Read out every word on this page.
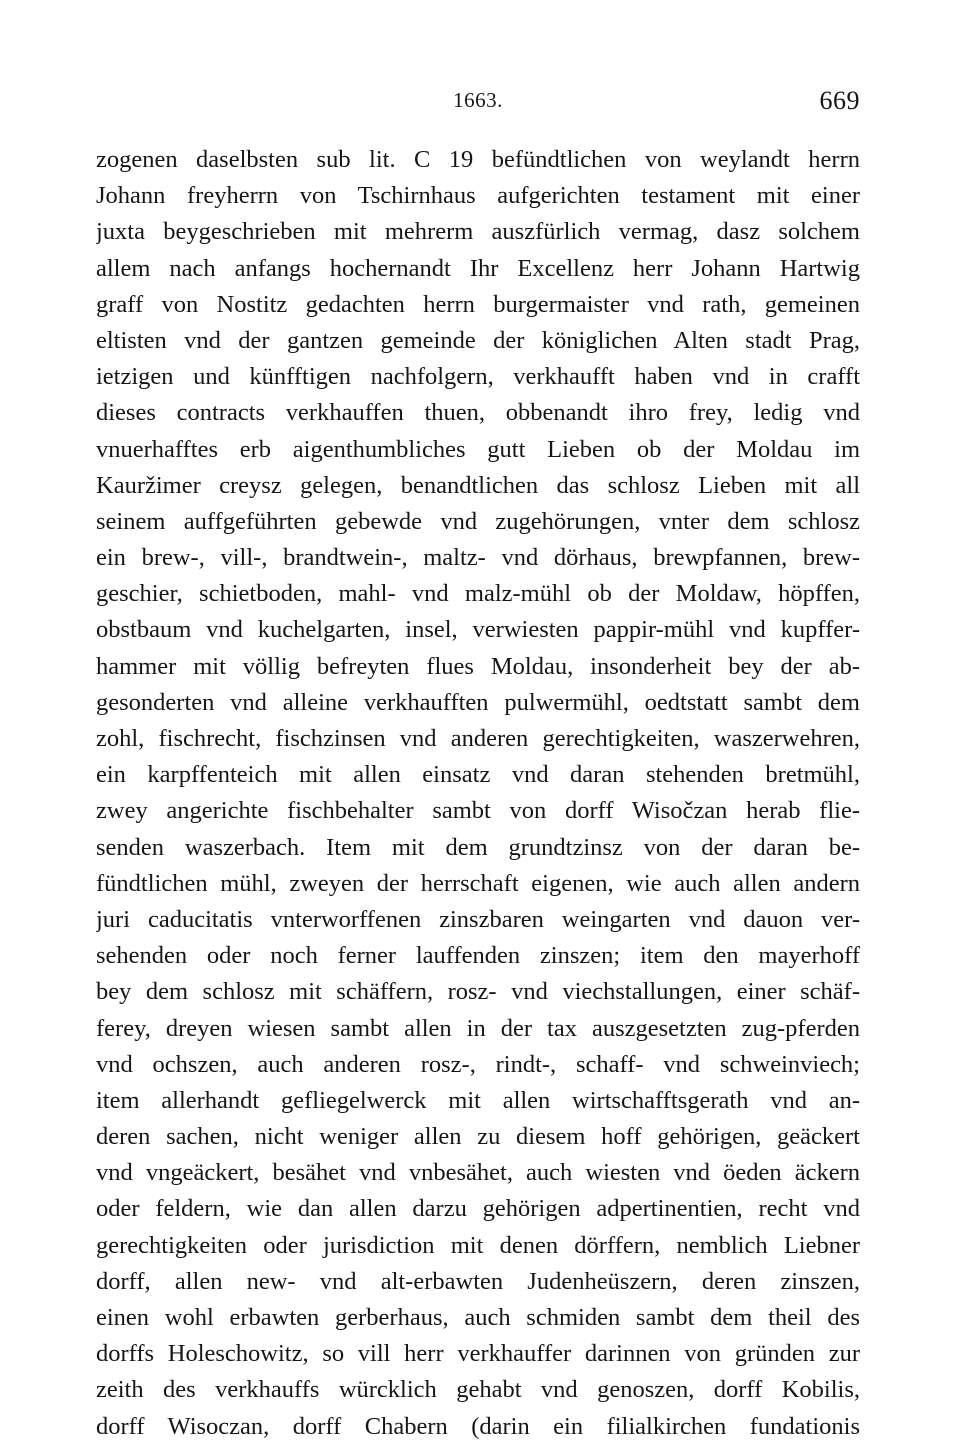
1663.	669
zogenen daselbsten sub lit. C 19 befündtlichen von weylandt herrn
Johann freyherrn von Tschirnhaus aufgerichten testament mit einer
juxta beygeschrieben mit mehrerm auszfürlich vermag, dasz solchem
allem nach anfangs hochernandt Ihr Excellenz herr Johann Hartwig
graff von Nostitz gedachten herrn burgermaister vnd rath, gemeinen
eltisten vnd der gantzen gemeinde der königlichen Alten stadt Prag,
ietzigen und künfftigen nachfolgern, verkhaufft haben vnd in crafft
dieses contracts verkhauffen thuen, obbenandt ihro frey, ledig vnd
vnuerhafftes erb aigenthumbliches gutt Lieben ob der Moldau im
Kauržimer creysz gelegen, benandtlichen das schlosz Lieben mit all
seinem auffgeführten gebewde vnd zugehörungen, vnter dem schlosz
ein brew-, vill-, brandtwein-, maltz- vnd dörhaus, brewpfannen, brew-
geschier, schietboden, mahl- vnd malz-mühl ob der Moldaw, höpffen,
obstbaum vnd kuchelgarten, insel, verwiesten pappir-mühl vnd kupffer-
hammer mit völlig befreyten flues Moldau, insonderheit bey der ab-
gesonderten vnd alleine verkhaufften pulwermühl, oedtstatt sambt dem
zohl, fischrecht, fischzinsen vnd anderen gerechtigkeiten, waszerwehren,
ein karpffenteich mit allen einsatz vnd daran stehenden bretmühl,
zwey angerichte fischbehalter sambt von dorff Wisočzan herab flie-
senden waszerbach. Item mit dem grundtzinsz von der daran be-
fündtlichen mühl, zweyen der herrschaft eigenen, wie auch allen andern
juri caducitatis vnterworffenen zinszbaren weingarten vnd dauon ver-
sehenden oder noch ferner lauffenden zinszen; item den mayerhoff
bey dem schlosz mit schäffern, rosz- vnd viechstallungen, einer schäf-
ferey, dreyen wiesen sambt allen in der tax auszgesetzten zug-pferden
vnd ochszen, auch anderen rosz-, rindt-, schaff- vnd schweinviech;
item allerhandt gefliegelwerck mit allen wirtschafftsgerath vnd an-
deren sachen, nicht weniger allen zu diesem hoff gehörigen, geäckert
vnd vngeäckert, besähet vnd vnbesähet, auch wiesten vnd öeden äckern
oder feldern, wie dan allen darzu gehörigen adpertinentien, recht vnd
gerechtigkeiten oder jurisdiction mit denen dörffern, nemblich Liebner
dorff, allen new- vnd alt-erbawten Judenheüszern, deren zinszen,
einen wohl erbawten gerberhaus, auch schmiden sambt dem theil des
dorffs Holeschowitz, so vill herr verkhauffer darinnen von gründen zur
zeith des verkhauffs würcklich gehabt vnd genoszen, dorff Kobilis,
dorff Wisoczan, dorff Chabern (darin ein filialkirchen fundationis
